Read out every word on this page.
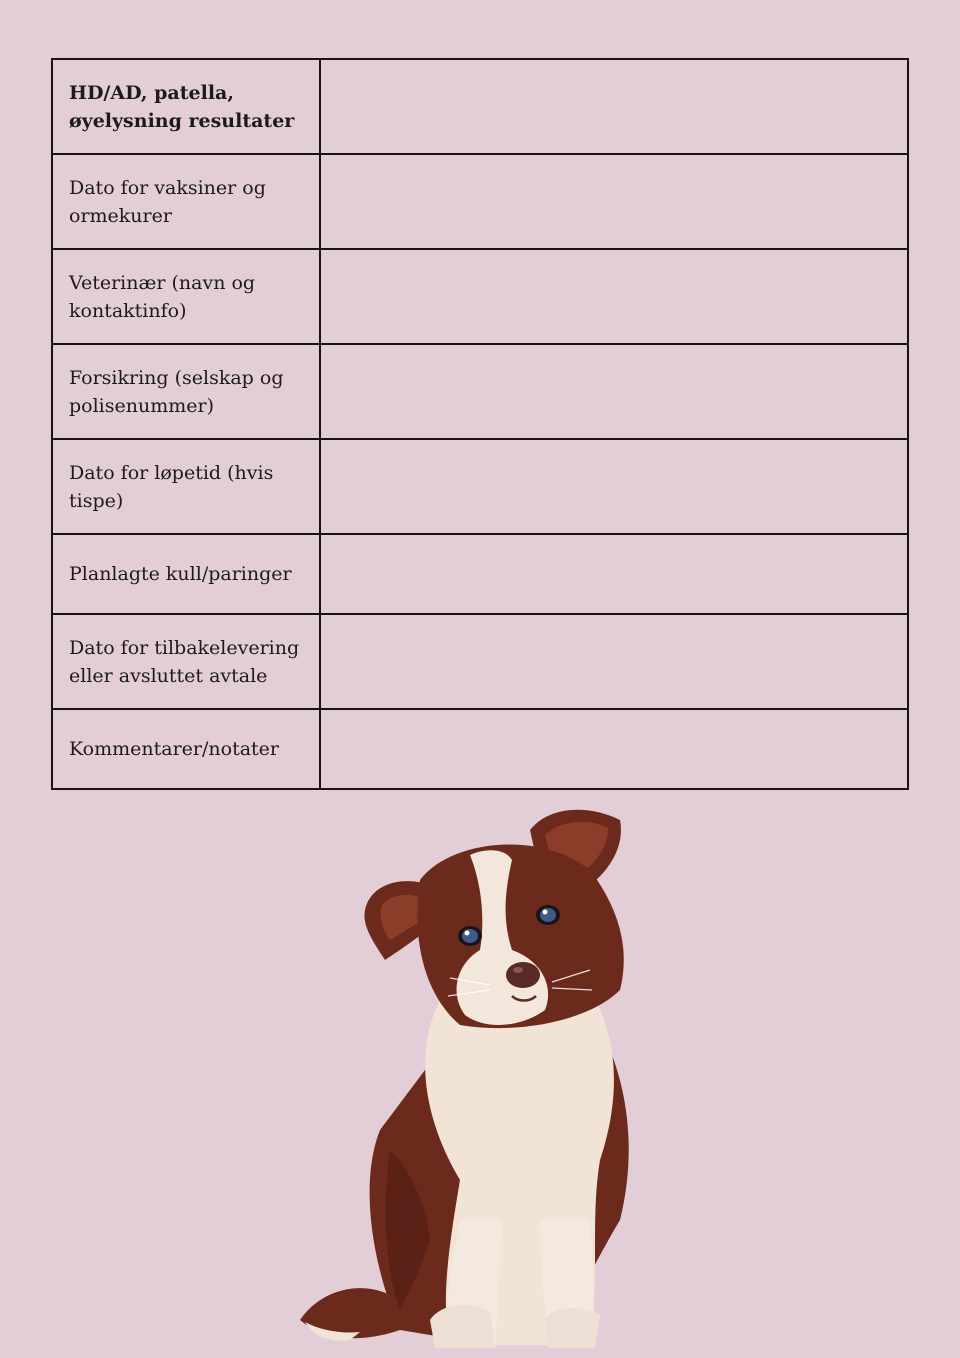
HD/AD, patella, øyelysning resultater	
Dato for vaksiner og ormekurer	
Veterinær (navn og kontaktinfo)	
Forsikring (selskap og polisenummer)	
Dato for løpetid (hvis tispe)	
Planlagte kull/paringer	
Dato for tilbakelevering eller avsluttet avtale	
Kommentarer/notater	
